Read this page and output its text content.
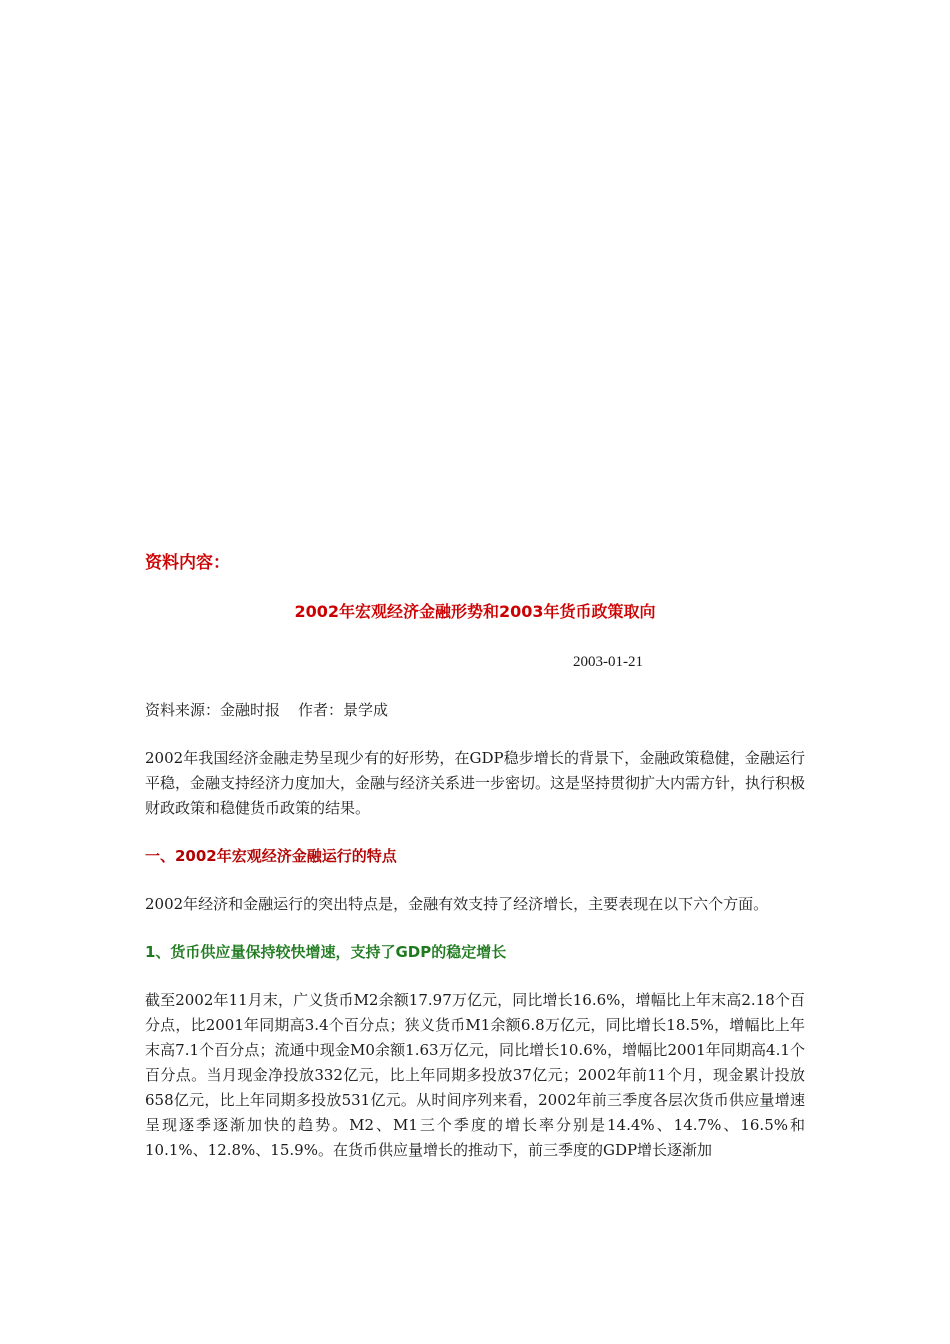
资料内容：
2002年宏观经济金融形势和2003年货币政策取向
2003-01-21
资料来源：金融时报 作者：景学成

2002年我国经济金融走势呈现少有的好形势，在GDP稳步增长的背景下，金融政策稳健，金融运行平稳，金融支持经济力度加大，金融与经济关系进一步密切。这是坚持贯彻扩大内需方针，执行积极财政政策和稳健货币政策的结果。

一、2002年宏观经济金融运行的特点

2002年经济和金融运行的突出特点是，金融有效支持了经济增长，主要表现在以下六个方面。

1、货币供应量保持较快增速，支持了GDP的稳定增长

截至2002年11月末，广义货币M2余额17.97万亿元，同比增长16.6%，增幅比上年末高2.18个百分点，比2001年同期高3.4个百分点；狭义货币M1余额6.8万亿元，同比增长18.5%，增幅比上年末高7.1个百分点；流通中现金M0余额1.63万亿元，同比增长10.6%，增幅比2001年同期高4.1个百分点。当月现金净投放332亿元，比上年同期多投放37亿元；2002年前11个月，现金累计投放658亿元，比上年同期多投放531亿元。从时间序列来看，2002年前三季度各层次货币供应量增速呈现逐季逐渐加快的趋势。M2、M1三个季度的增长率分别是14.4%、14.7%、16.5%和10.1%、12.8%、15.9%。在货币供应量增长的推动下，前三季度的GDP增长逐渐加
